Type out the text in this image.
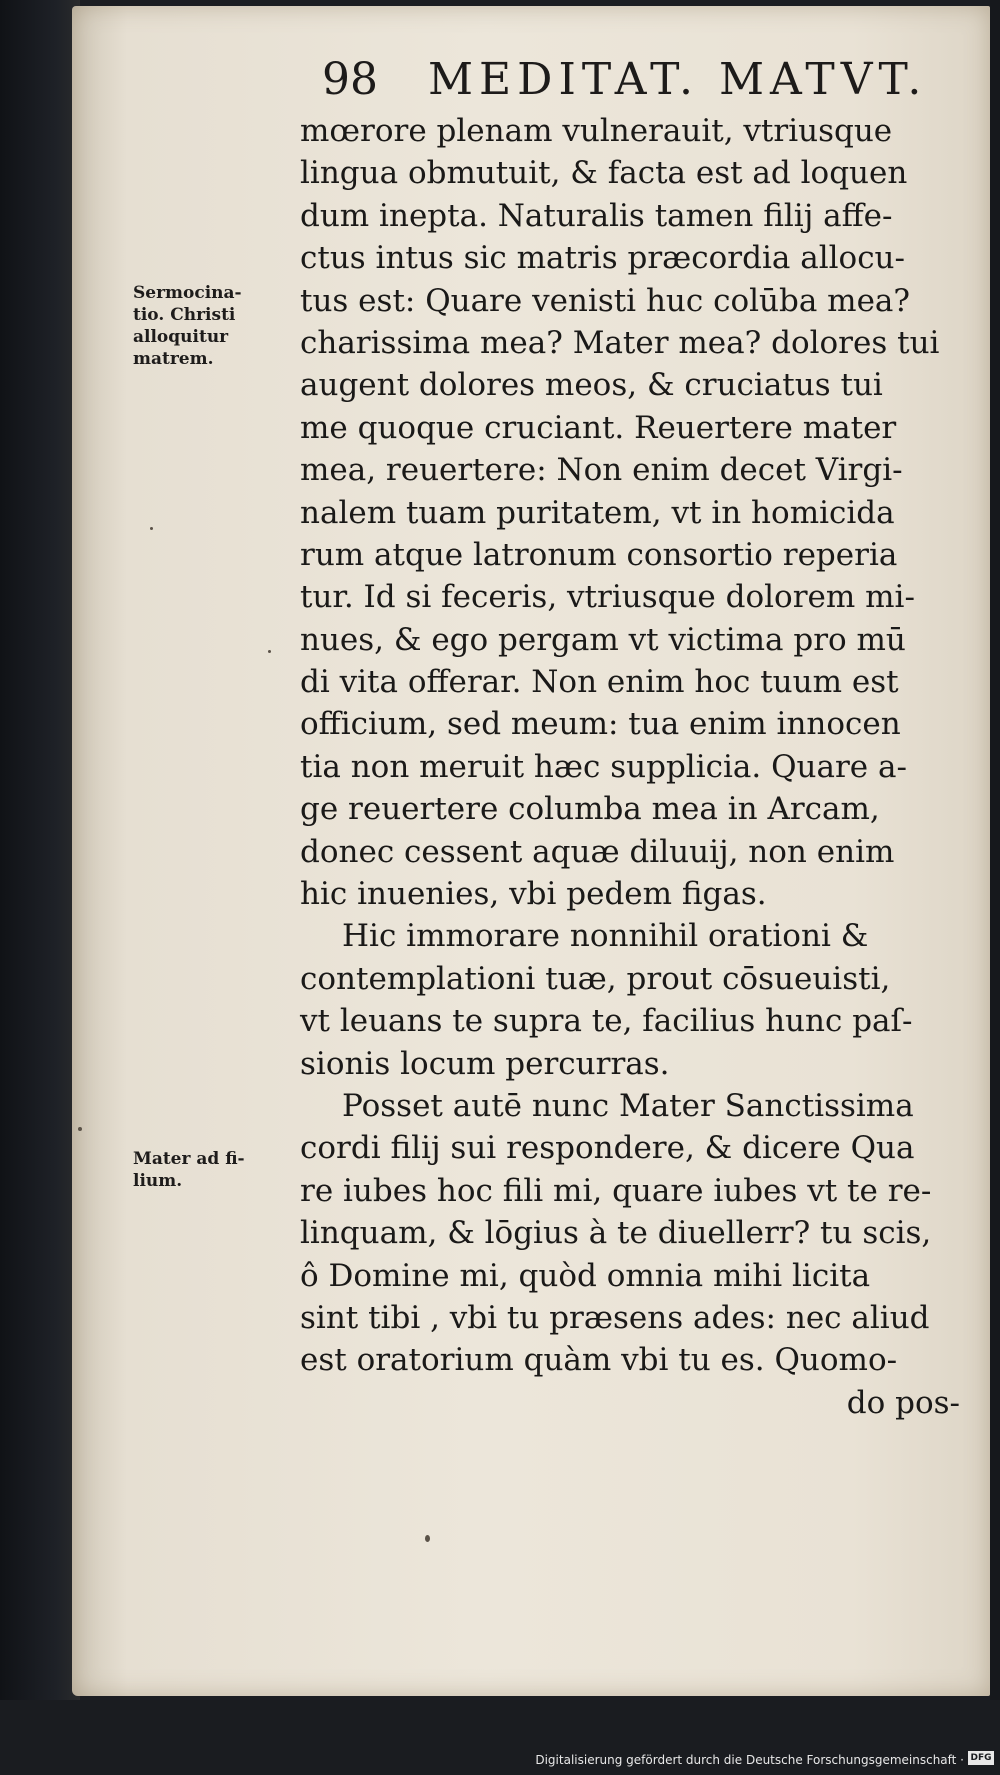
98 MEDITAT. MATVT.
Sermocina-
tio. Christi
alloquitur
matrem.
Mater ad fi-
lium.
mœrore plenam vulnerauit, vtriusque
lingua obmutuit, & facta est ad loquen
dum inepta. Naturalis tamen filij affe-
ctus intus sic matris præcordia allocu-
tus est: Quare venisti huc colūba mea?
charissima mea? Mater mea? dolores tui
augent dolores meos, & cruciatus tui
me quoque cruciant. Reuertere mater
mea, reuertere: Non enim decet Virgi-
nalem tuam puritatem, vt in homicida
rum atque latronum consortio reperia
tur. Id si feceris, vtriusque dolorem mi-
nues, & ego pergam vt victima pro mū
di vita offerar. Non enim hoc tuum est
officium, sed meum: tua enim innocen
tia non meruit hæc supplicia. Quare a-
ge reuertere columba mea in Arcam,
donec cessent aquæ diluuij, non enim
hic inuenies, vbi pedem figas.
Hic immorare nonnihil orationi &
contemplationi tuæ, prout cōsueuisti,
vt leuans te supra te, facilius hunc paſ-
sionis locum percurras.
Posset autē nunc Mater Sanctissima
cordi filij sui respondere, & dicere Qua
re iubes hoc fili mi, quare iubes vt te re-
linquam, & lōgius à te diuellerr? tu scis,
ô Domine mi, quòd omnia mihi licita
sint tibi , vbi tu præsens ades: nec aliud
est oratorium quàm vbi tu es. Quomo-
do pos-
Digitalisierung gefördert durch die Deutsche Forschungsgemeinschaft · DFG
